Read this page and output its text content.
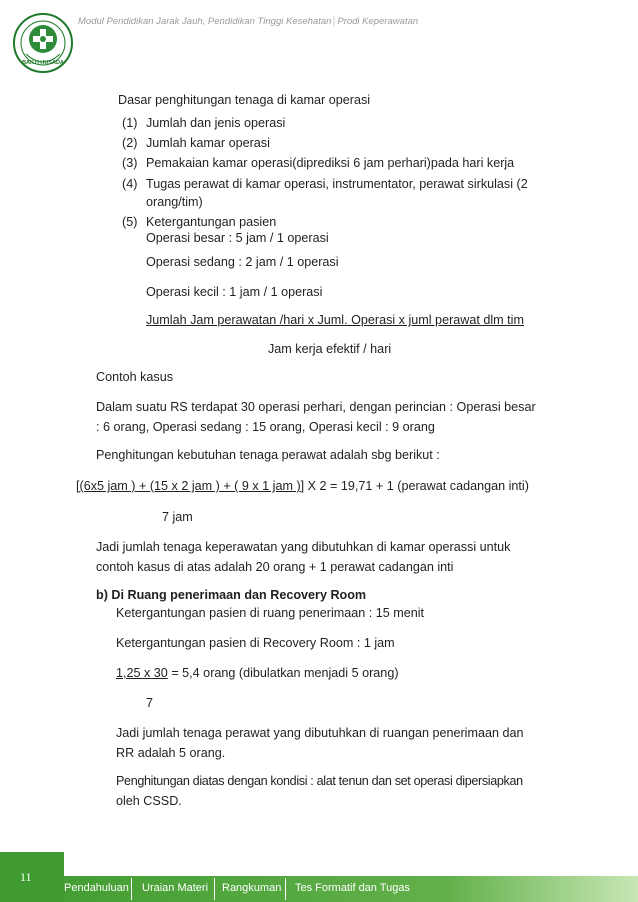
BAKTI HUSADA
Modul Pendidikan Jarak Jauh, Pendidikan Tinggi Kesehatan│Prodi Keperawatan
Dasar penghitungan tenaga di kamar operasi
(1) Jumlah dan jenis operasi
(2) Jumlah kamar operasi
(3) Pemakaian kamar operasi(diprediksi 6 jam perhari)pada hari kerja
(4) Tugas perawat di kamar operasi, instrumentator, perawat sirkulasi (2
orang/tim)
(5) Ketergantungan pasien
Operasi besar : 5 jam / 1 operasi
Operasi sedang : 2 jam / 1 operasi
Operasi kecil : 1 jam / 1 operasi
Jumlah Jam perawatan /hari x Juml. Operasi x juml perawat dlm tim
Jam kerja efektif / hari
Contoh kasus
Dalam suatu RS terdapat 30 operasi perhari, dengan perincian : Operasi besar
: 6 orang, Operasi sedang : 15 orang, Operasi kecil : 9 orang
Penghitungan kebutuhan tenaga perawat adalah sbg berikut :
[(6x5 jam ) + (15 x 2 jam ) + ( 9 x 1 jam )] X 2 = 19,71 + 1 (perawat cadangan inti)
7 jam
Jadi jumlah tenaga keperawatan yang dibutuhkan di kamar operassi untuk
contoh kasus di atas adalah 20 orang + 1 perawat cadangan inti
b) Di Ruang penerimaan dan Recovery Room
Ketergantungan pasien di ruang penerimaan : 15 menit
Ketergantungan pasien di Recovery Room : 1 jam
1,25 x 30 = 5,4 orang (dibulatkan menjadi 5 orang)
7
Jadi jumlah tenaga perawat yang dibutuhkan di ruangan penerimaan dan
RR adalah 5 orang.
Penghitungan diatas dengan kondisi : alat tenun dan set operasi dipersiapkan
oleh CSSD.
11
Pendahuluan Uraian Materi Rangkuman Tes Formatif dan Tugas
